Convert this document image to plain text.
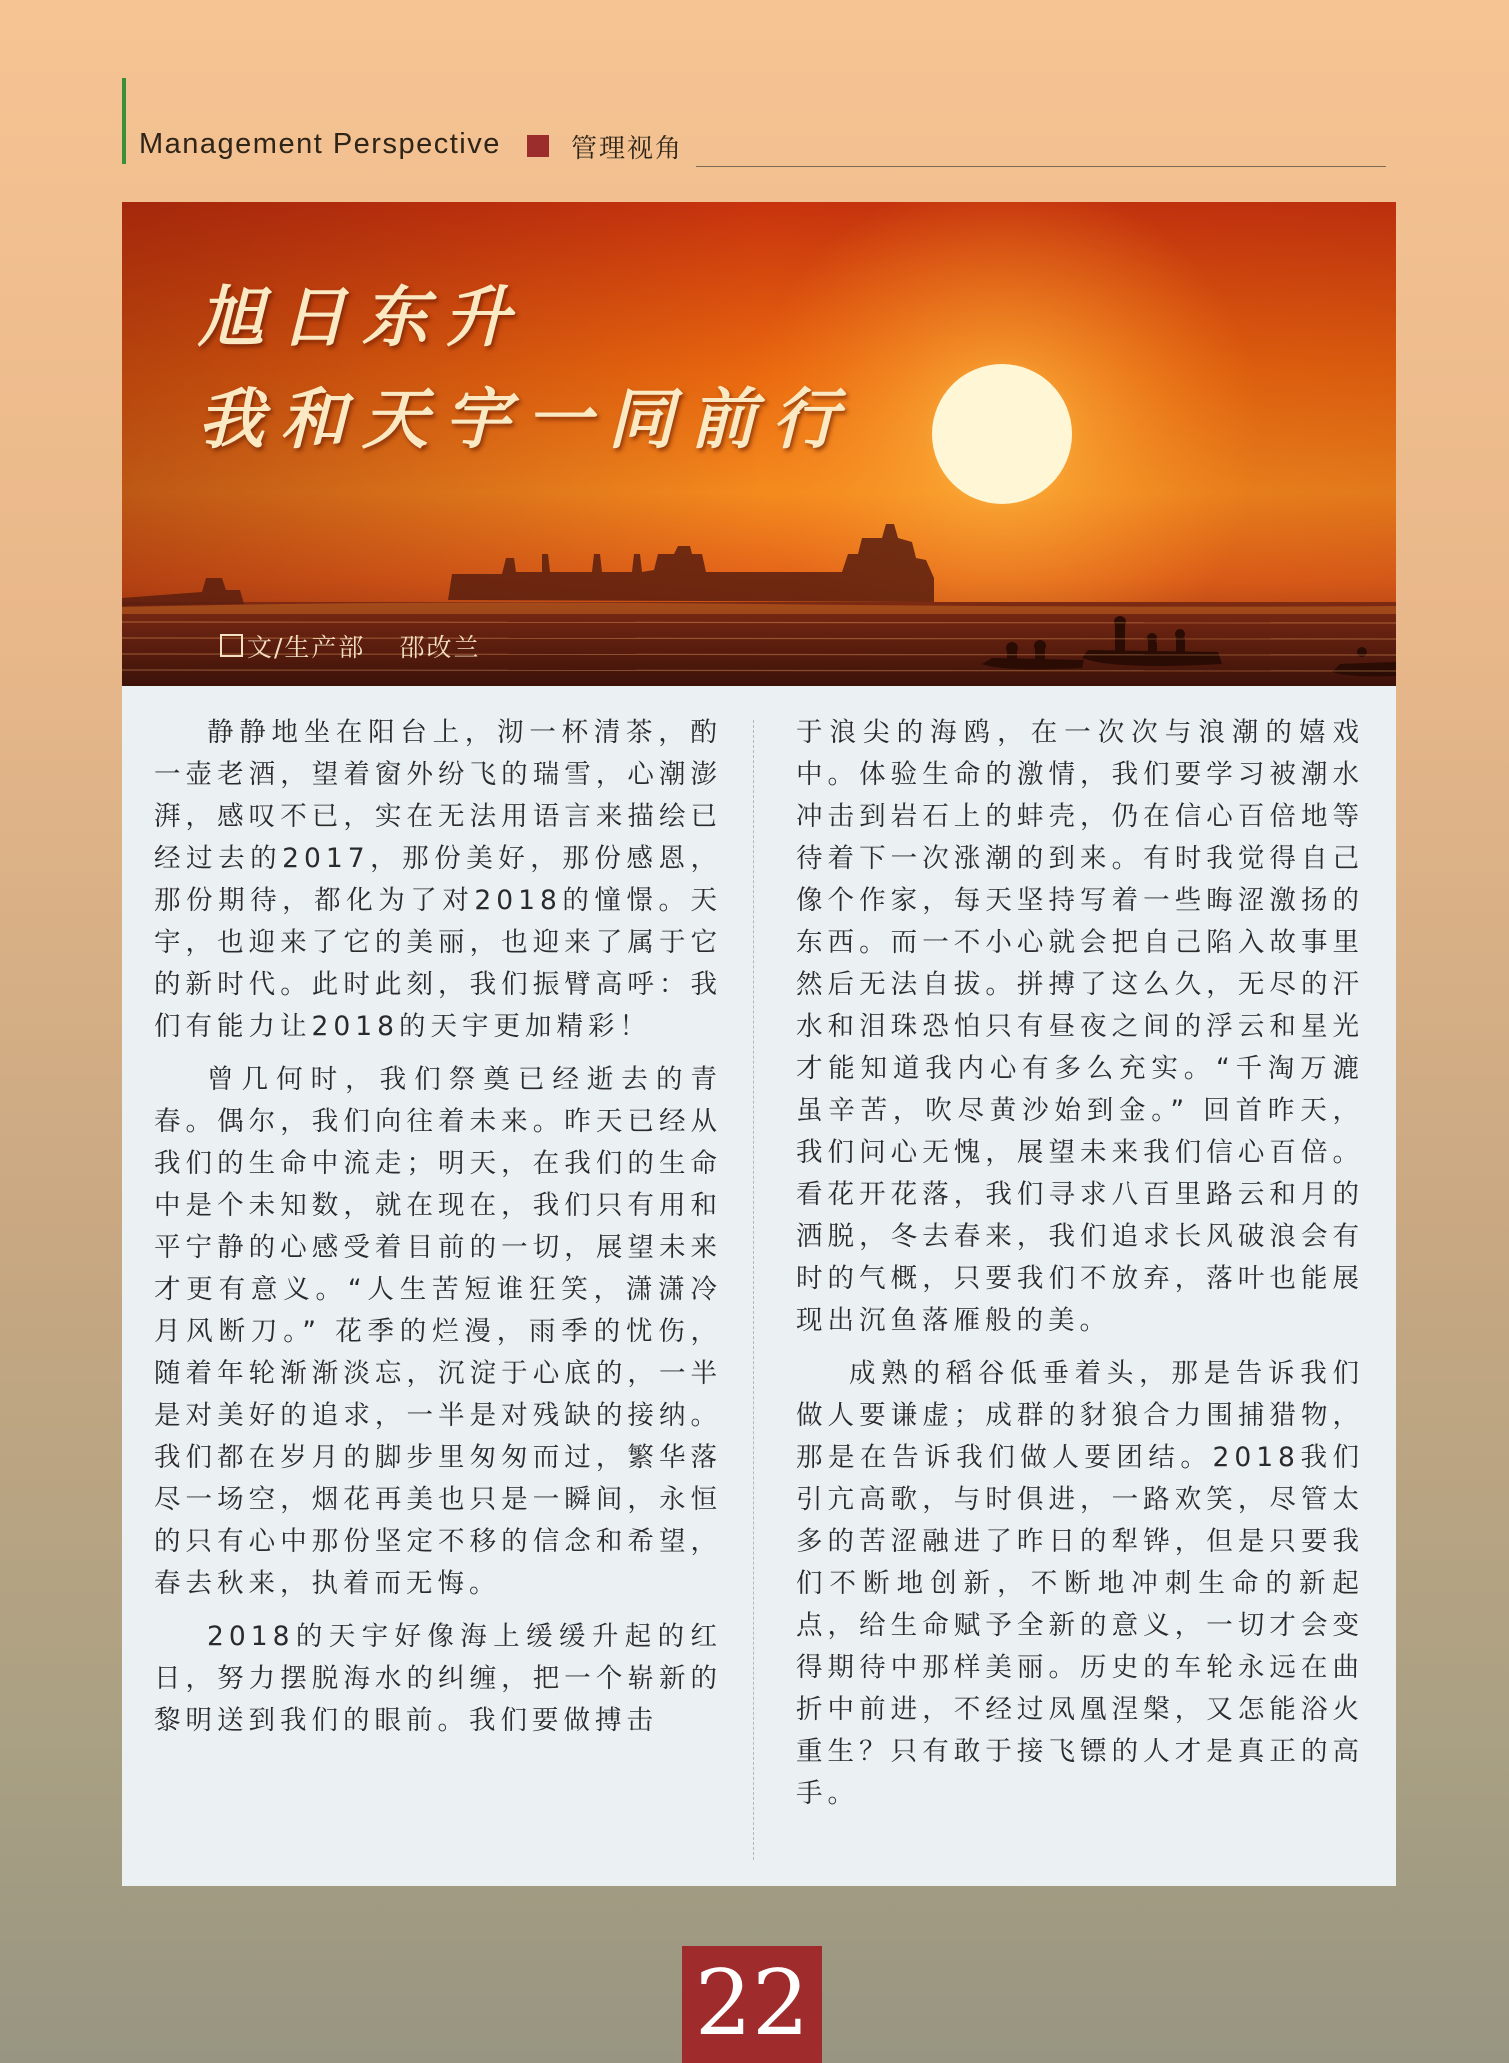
Management Perspective	管理视角
旭日东升
我和天宇一同前行
文/生产部 邵改兰

静静地坐在阳台上，沏一杯清茶，酌一壶老酒，望着窗外纷飞的瑞雪，心潮澎湃，感叹不已，实在无法用语言来描绘已经过去的2017，那份美好，那份感恩，那份期待，都化为了对2018的憧憬。天宇，也迎来了它的美丽，也迎来了属于它的新时代。此时此刻，我们振臂高呼：我们有能力让2018的天宇更加精彩！

曾几何时，我们祭奠已经逝去的青春。偶尔，我们向往着未来。昨天已经从我们的生命中流走；明天，在我们的生命中是个未知数，就在现在，我们只有用和平宁静的心感受着目前的一切，展望未来才更有意义。“人生苦短谁狂笑，潇潇冷月风断刀。” 花季的烂漫，雨季的忧伤，随着年轮渐渐淡忘，沉淀于心底的，一半是对美好的追求，一半是对残缺的接纳。我们都在岁月的脚步里匆匆而过，繁华落尽一场空，烟花再美也只是一瞬间，永恒的只有心中那份坚定不移的信念和希望，春去秋来，执着而无悔。

2018的天宇好像海上缓缓升起的红日，努力摆脱海水的纠缠，把一个崭新的黎明送到我们的眼前。我们要做搏击

于浪尖的海鸥，在一次次与浪潮的嬉戏中。体验生命的激情，我们要学习被潮水冲击到岩石上的蚌壳，仍在信心百倍地等待着下一次涨潮的到来。有时我觉得自己像个作家，每天坚持写着一些晦涩激扬的东西。而一不小心就会把自己陷入故事里然后无法自拔。拼搏了这么久，无尽的汗水和泪珠恐怕只有昼夜之间的浮云和星光才能知道我内心有多么充实。“千淘万漉虽辛苦，吹尽黄沙始到金。” 回首昨天，我们问心无愧，展望未来我们信心百倍。看花开花落，我们寻求八百里路云和月的洒脱，冬去春来，我们追求长风破浪会有时的气概，只要我们不放弃，落叶也能展现出沉鱼落雁般的美。

成熟的稻谷低垂着头，那是告诉我们做人要谦虚；成群的豺狼合力围捕猎物，那是在告诉我们做人要团结。2018我们引亢高歌，与时俱进，一路欢笑，尽管太多的苦涩融进了昨日的犁铧，但是只要我们不断地创新，不断地冲刺生命的新起点，给生命赋予全新的意义，一切才会变得期待中那样美丽。历史的车轮永远在曲折中前进，不经过凤凰涅槃，又怎能浴火重生？只有敢于接飞镖的人才是真正的高手。

22
